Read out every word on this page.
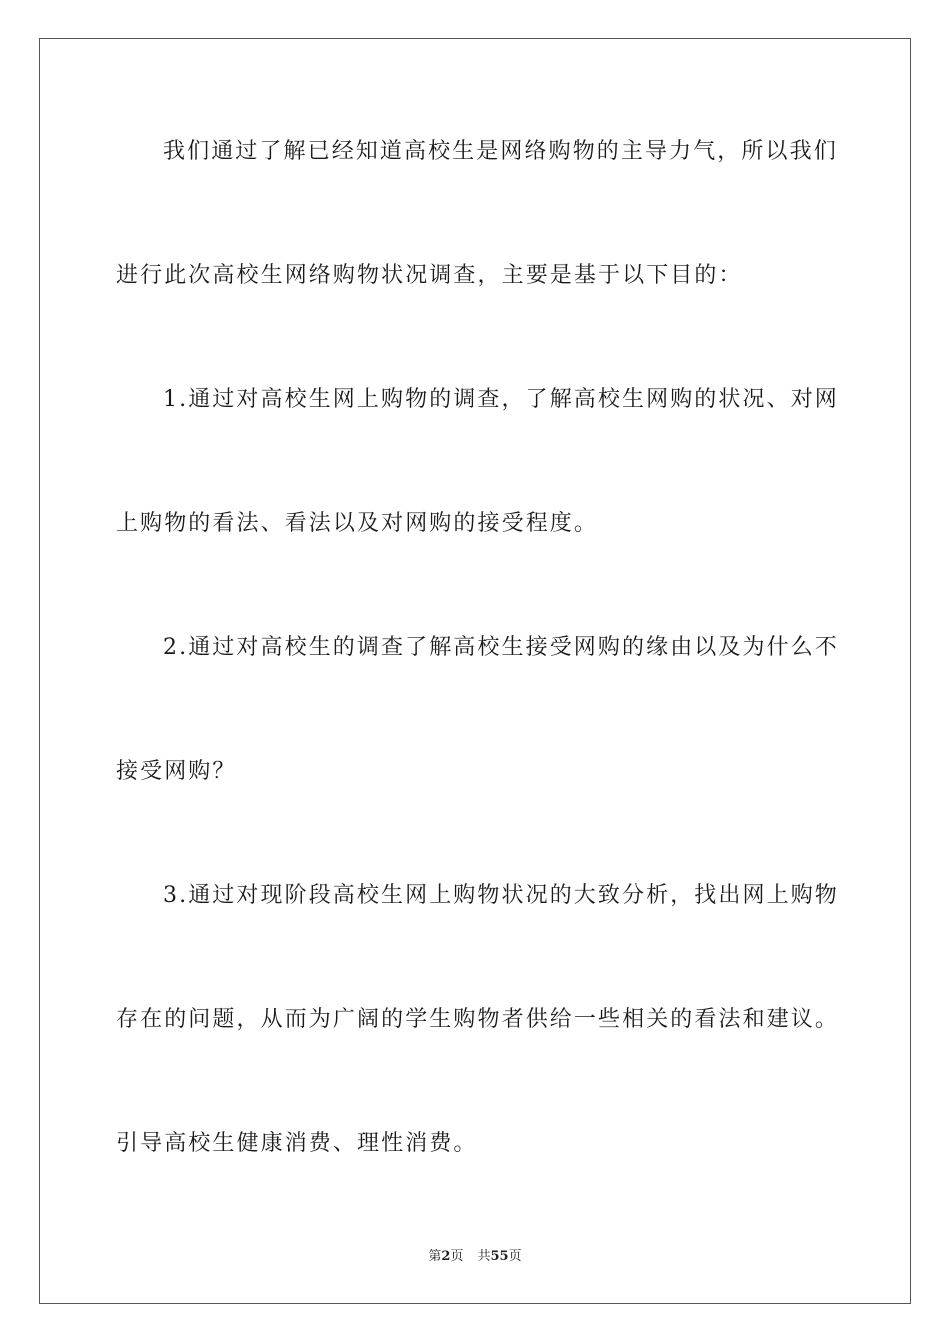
我们通过了解已经知道高校生是网络购物的主导力气，所以我们
进行此次高校生网络购物状况调查，主要是基于以下目的：
1.通过对高校生网上购物的调查，了解高校生网购的状况、对网
上购物的看法、看法以及对网购的接受程度。
2.通过对高校生的调查了解高校生接受网购的缘由以及为什么不
接受网购？
3.通过对现阶段高校生网上购物状况的大致分析，找出网上购物
存在的问题，从而为广阔的学生购物者供给一些相关的看法和建议。
引导高校生健康消费、理性消费。
第2页 共55页
